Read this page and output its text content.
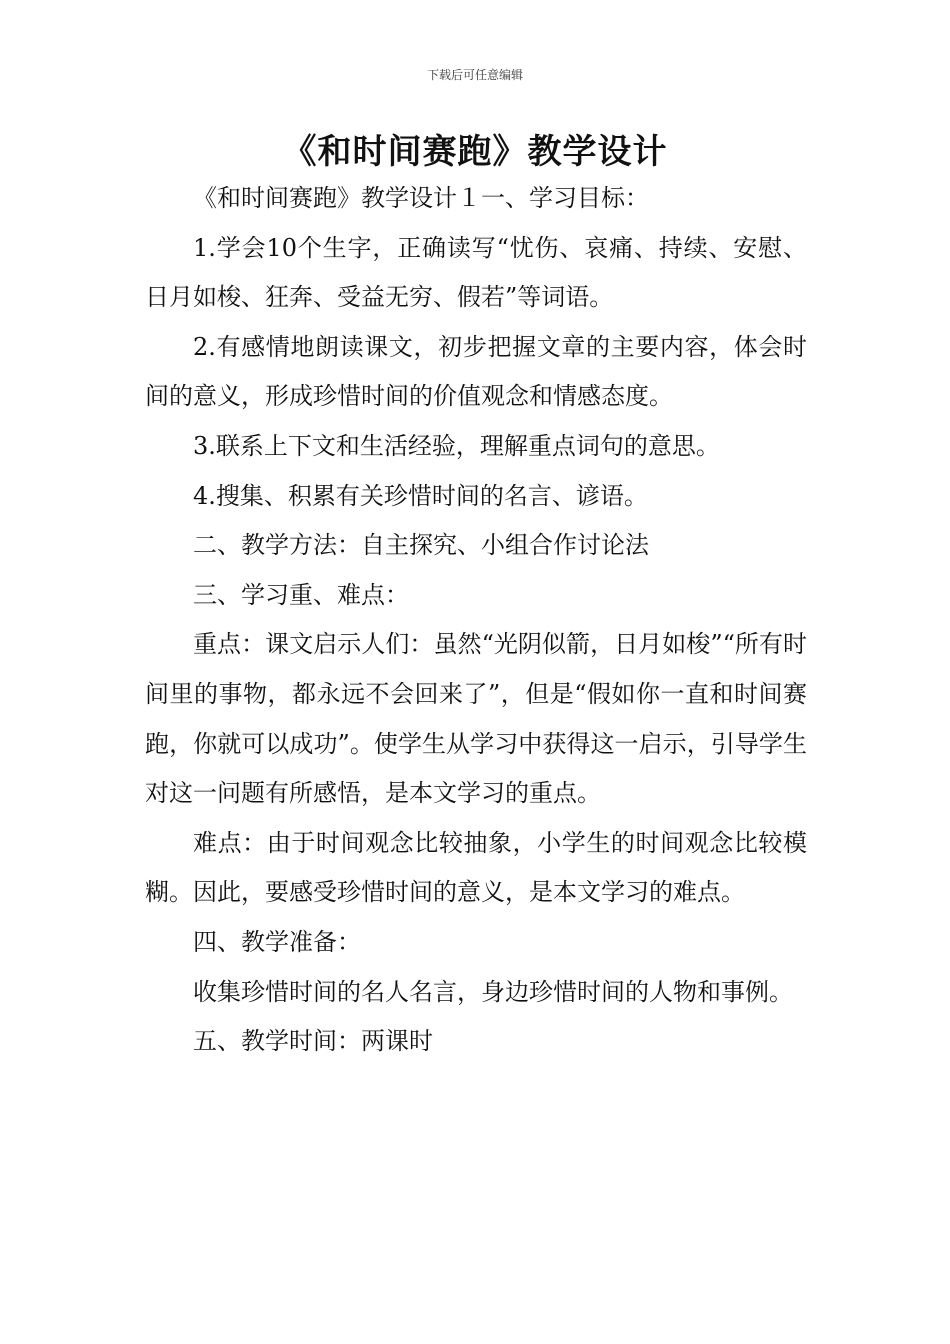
下载后可任意编辑
《和时间赛跑》教学设计

《和时间赛跑》教学设计１一、学习目标：

1.学会10个生字，正确读写“忧伤、哀痛、持续、安慰、日月如梭、狂奔、受益无穷、假若”等词语。

2.有感情地朗读课文，初步把握文章的主要内容，体会时间的意义，形成珍惜时间的价值观念和情感态度。

3.联系上下文和生活经验，理解重点词句的意思。

4.搜集、积累有关珍惜时间的名言、谚语。

二、教学方法：自主探究、小组合作讨论法

三、学习重、难点：

重点：课文启示人们：虽然“光阴似箭，日月如梭”“所有时间里的事物，都永远不会回来了”，但是“假如你一直和时间赛跑，你就可以成功”。使学生从学习中获得这一启示，引导学生对这一问题有所感悟，是本文学习的重点。

难点：由于时间观念比较抽象，小学生的时间观念比较模糊。因此，要感受珍惜时间的意义，是本文学习的难点。

四、教学准备：

收集珍惜时间的名人名言，身边珍惜时间的人物和事例。

五、教学时间：两课时
